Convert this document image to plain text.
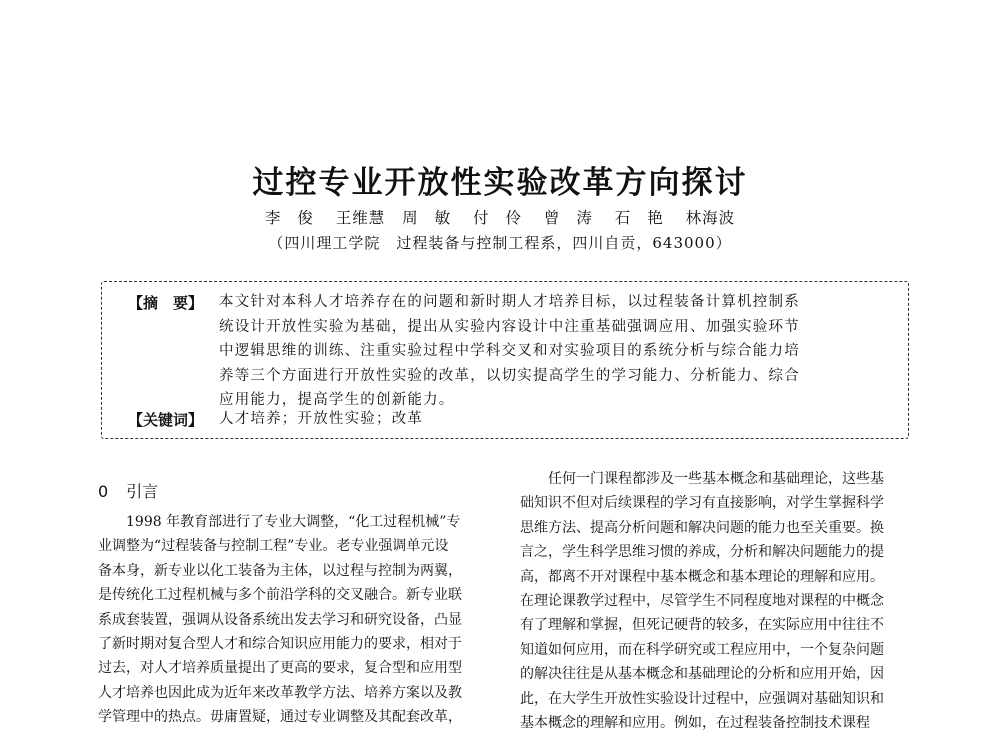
过控专业开放性实验改革方向探讨
李 俊 王维慧 周 敏 付 伶 曾 涛 石 艳 林海波
（四川理工学院　过程装备与控制工程系，四川自贡，643000）
【摘　要】 本文针对本科人才培养存在的问题和新时期人才培养目标，以过程装备计算机控制系
统设计开放性实验为基础，提出从实验内容设计中注重基础强调应用、加强实验环节
中逻辑思维的训练、注重实验过程中学科交叉和对实验项目的系统分析与综合能力培
养等三个方面进行开放性实验的改革，以切实提高学生的学习能力、分析能力、综合
应用能力，提高学生的创新能力。
【关键词】 人才培养；开放性实验；改革
0 引言
　　1998 年教育部进行了专业大调整，“化工过程机械”专
业调整为“过程装备与控制工程”专业。老专业强调单元设
备本身，新专业以化工装备为主体，以过程与控制为两翼，
是传统化工过程机械与多个前沿学科的交叉融合。新专业联
系成套装置，强调从设备系统出发去学习和研究设备，凸显
了新时期对复合型人才和综合知识应用能力的要求，相对于
过去，对人才培养质量提出了更高的要求，复合型和应用型
人才培养也因此成为近年来改革教学方法、培养方案以及教
学管理中的热点。毋庸置疑，通过专业调整及其配套改革，
　　任何一门课程都涉及一些基本概念和基础理论，这些基
础知识不但对后续课程的学习有直接影响，对学生掌握科学
思维方法、提高分析问题和解决问题的能力也至关重要。换
言之，学生科学思维习惯的养成，分析和解决问题能力的提
高，都离不开对课程中基本概念和基本理论的理解和应用。
在理论课教学过程中，尽管学生不同程度地对课程的中概念
有了理解和掌握，但死记硬背的较多，在实际应用中往往不
知道如何应用，而在科学研究或工程应用中，一个复杂问题
的解决往往是从基本概念和基础理论的分析和应用开始，因
此，在大学生开放性实验设计过程中，应强调对基础知识和
基本概念的理解和应用。例如，在过程装备控制技术课程
